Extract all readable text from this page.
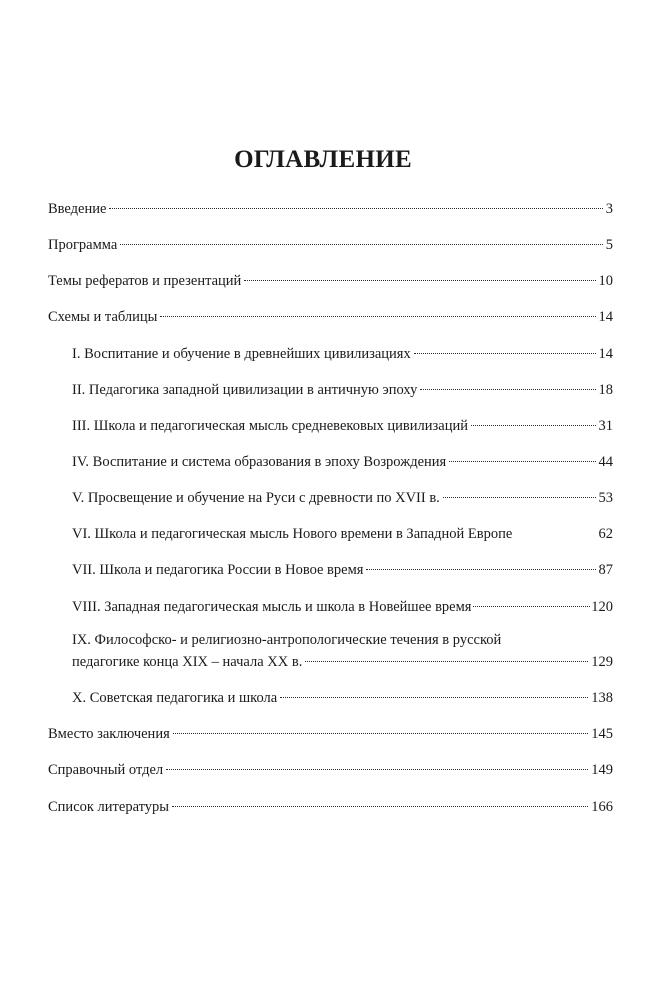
ОГЛАВЛЕНИЕ
Введение	3
Программа	5
Темы рефератов и презентаций	10
Схемы и таблицы	14
I. Воспитание и обучение в древнейших цивилизациях	14
II. Педагогика западной цивилизации в античную эпоху	18
III. Школа и педагогическая мысль средневековых цивилизаций	31
IV. Воспитание и система образования в эпоху Возрождения	44
V. Просвещение и обучение на Руси с древности по XVII в.	53
VI. Школа и педагогическая мысль Нового времени в Западной Европе	62
VII. Школа и педагогика России в Новое время	87
VIII. Западная педагогическая мысль и школа в Новейшее время	120
IX. Философско- и религиозно-антропологические течения в русской
педагогике конца XIX – начала XX в.	129
X. Советская педагогика и школа	138
Вместо заключения	145
Справочный отдел	149
Список литературы	166
